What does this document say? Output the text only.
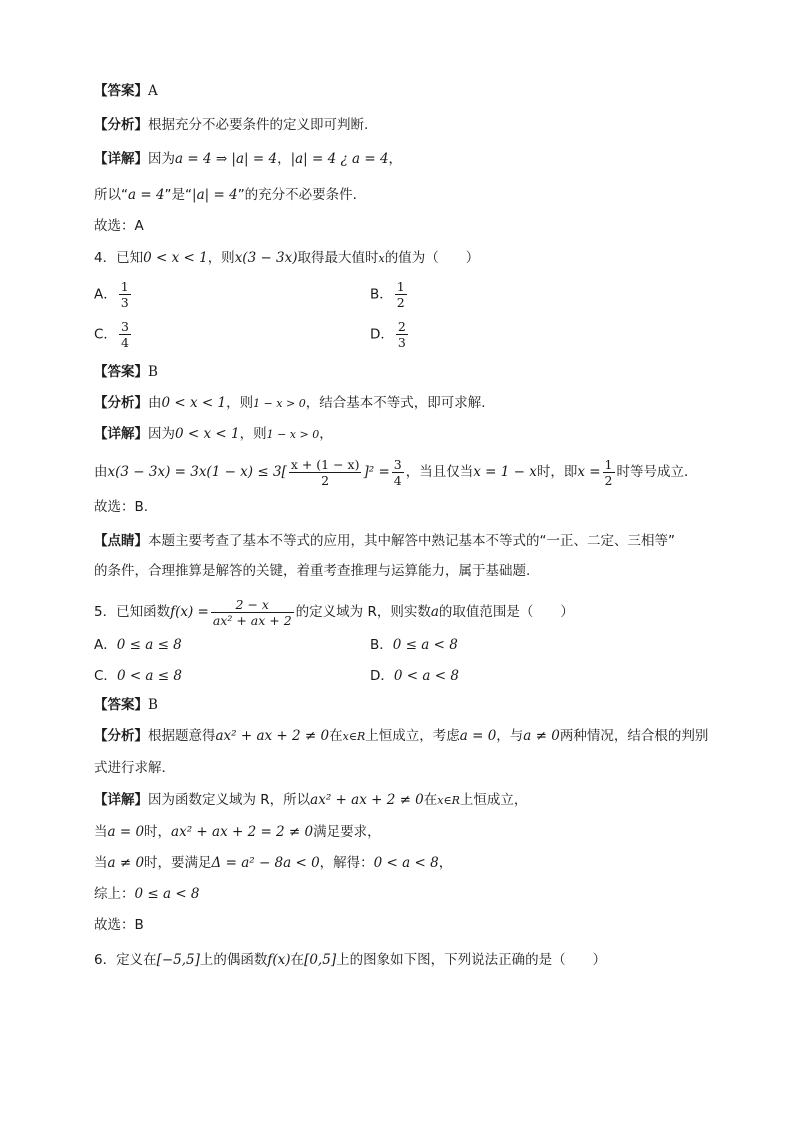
【答案】A
【分析】根据充分不必要条件的定义即可判断.
【详解】因为a = 4 ⇒ |a| = 4，|a| = 4 ¿ a = 4，
所以“a = 4”是“|a| = 4”的充分不必要条件.
故选：A
4．已知0 < x < 1，则x(3 − 3x)取得最大值时x的值为（　　）
A． $\frac{1}{3}$	B． $\frac{1}{2}$
C． $\frac{3}{4}$	D． $\frac{2}{3}$
【答案】B
【分析】由0 < x < 1，则1 − x > 0，结合基本不等式，即可求解.
【详解】因为0 < x < 1，则1 − x > 0，
由$x(3 - 3x) = 3x(1 - x) \le 3[ \frac{x + (1 - x)}{2} ]^2 = \frac{3}{4}$ ，当且仅当x = 1 − x时，即$x = \frac{1}{2}$ 时等号成立．
故选：B.
【点睛】本题主要考查了基本不等式的应用，其中解答中熟记基本不等式的“一正、二定、三相等”
的条件，合理推算是解答的关键，着重考查推理与运算能力，属于基础题.
5．已知函数$f(x) = \frac{2 - x}{\text{ax² + ax + 2}}$ 的定义域为 R，则实数a的取值范围是（　　）
A．0 ≤ a ≤ 8	B．0 ≤ a < 8
C．0 < a ≤ 8	D．0 < a < 8
【答案】B
【分析】根据题意得ax² + ax + 2 ≠ 0在x∈R上恒成立，考虑a = 0，与a ≠ 0两种情况，结合根的判别
式进行求解．
【详解】因为函数定义域为 R，所以ax² + ax + 2 ≠ 0在x∈R上恒成立，
当a = 0时，ax² + ax + 2 = 2 ≠ 0满足要求，
当a ≠ 0时，要满足Δ = a² − 8a < 0，解得：0 < a < 8，
综上：0 ≤ a < 8
故选：B
6．定义在[−5,5]上的偶函数f(x)在[0,5]上的图象如下图，下列说法正确的是（　　）
